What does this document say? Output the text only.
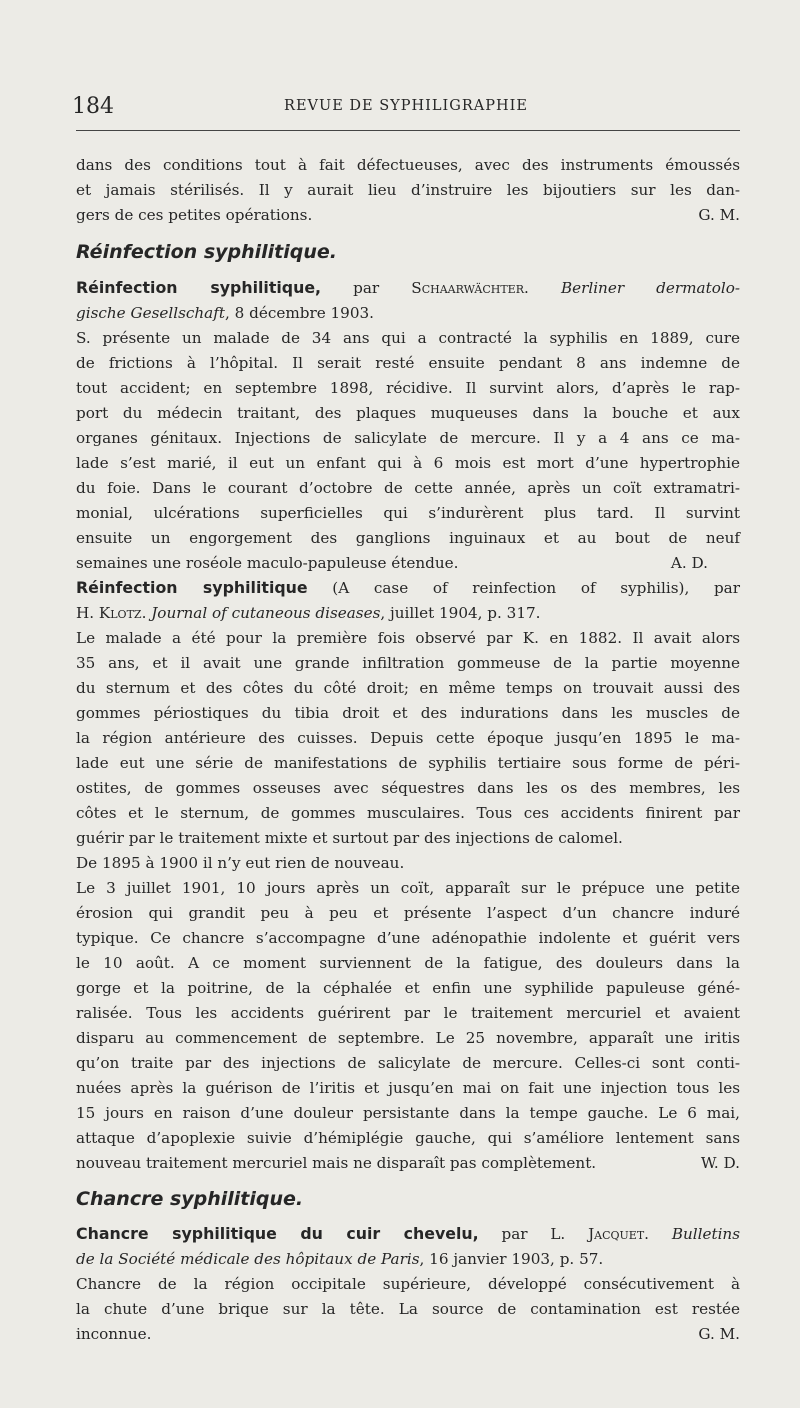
184	REVUE DE SYPHILIGRAPHIE
dans des conditions tout à fait défectueuses, avec des instruments émoussés
et jamais stérilisés. Il y aurait lieu d’instruire les bijoutiers sur les dan-
gers de ces petites opérations.	G. M.
Réinfection syphilitique.
Réinfection syphilitique, par Schaarwächter. Berliner dermatolo-
gische Gesellschaft, 8 décembre 1903.
S. présente un malade de 34 ans qui a contracté la syphilis en 1889, cure
de frictions à l’hôpital. Il serait resté ensuite pendant 8 ans indemne de
tout accident; en septembre 1898, récidive. Il survint alors, d’après le rap-
port du médecin traitant, des plaques muqueuses dans la bouche et aux
organes génitaux. Injections de salicylate de mercure. Il y a 4 ans ce ma-
lade s’est marié, il eut un enfant qui à 6 mois est mort d’une hypertrophie
du foie. Dans le courant d’octobre de cette année, après un coït extramatri-
monial, ulcérations superficielles qui s’indurèrent plus tard. Il survint
ensuite un engorgement des ganglions inguinaux et au bout de neuf
semaines une roséole maculo-papuleuse étendue.	A. D.
Réinfection syphilitique (A case of reinfection of syphilis), par
H. Klotz. Journal of cutaneous diseases, juillet 1904, p. 317.
Le malade a été pour la première fois observé par K. en 1882. Il avait alors
35 ans, et il avait une grande infiltration gommeuse de la partie moyenne
du sternum et des côtes du côté droit; en même temps on trouvait aussi des
gommes périostiques du tibia droit et des indurations dans les muscles de
la région antérieure des cuisses. Depuis cette époque jusqu’en 1895 le ma-
lade eut une série de manifestations de syphilis tertiaire sous forme de péri-
ostites, de gommes osseuses avec séquestres dans les os des membres, les
côtes et le sternum, de gommes musculaires. Tous ces accidents finirent par
guérir par le traitement mixte et surtout par des injections de calomel.
De 1895 à 1900 il n’y eut rien de nouveau.
Le 3 juillet 1901, 10 jours après un coït, apparaît sur le prépuce une petite
érosion qui grandit peu à peu et présente l’aspect d’un chancre induré
typique. Ce chancre s’accompagne d’une adénopathie indolente et guérit vers
le 10 août. A ce moment surviennent de la fatigue, des douleurs dans la
gorge et la poitrine, de la céphalée et enfin une syphilide papuleuse géné-
ralisée. Tous les accidents guérirent par le traitement mercuriel et avaient
disparu au commencement de septembre. Le 25 novembre, apparaît une iritis
qu’on traite par des injections de salicylate de mercure. Celles-ci sont conti-
nuées après la guérison de l’iritis et jusqu’en mai on fait une injection tous les
15 jours en raison d’une douleur persistante dans la tempe gauche. Le 6 mai,
attaque d’apoplexie suivie d’hémiplégie gauche, qui s’améliore lentement sans
nouveau traitement mercuriel mais ne disparaît pas complètement.	W. D.
Chancre syphilitique.
Chancre syphilitique du cuir chevelu, par L. Jacquet. Bulletins
de la Société médicale des hôpitaux de Paris, 16 janvier 1903, p. 57.
Chancre de la région occipitale supérieure, développé consécutivement à
la chute d’une brique sur la tête. La source de contamination est restée
inconnue.	G. M.
